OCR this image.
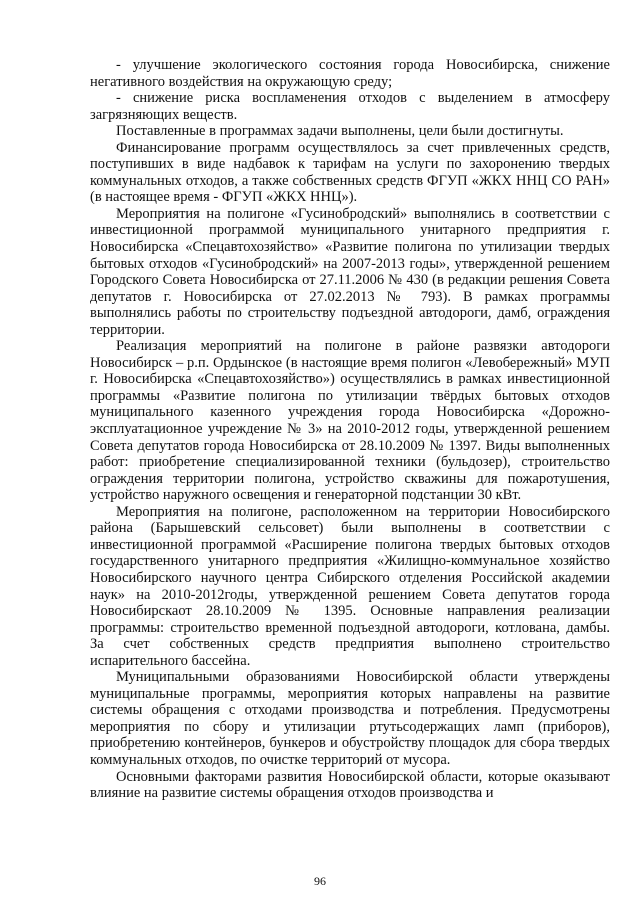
- улучшение экологического состояния города Новосибирска, снижение негативного воздействия на окружающую среду;

- снижение риска воспламенения отходов с выделением в атмосферу загрязняющих веществ.

Поставленные в программах задачи выполнены, цели были достигнуты.

Финансирование программ осуществлялось за счет привлеченных средств, поступивших в виде надбавок к тарифам на услуги по захоронению твердых коммунальных отходов, а также собственных средств ФГУП «ЖКХ ННЦ СО РАН» (в настоящее время - ФГУП «ЖКХ ННЦ»).

Мероприятия на полигоне «Гусинобродский» выполнялись в соответствии с инвестиционной программой муниципального унитарного предприятия г. Новосибирска «Спецавтохозяйство» «Развитие полигона по утилизации твердых бытовых отходов «Гусинобродский» на 2007-2013 годы», утвержденной решением Городского Совета Новосибирска от 27.11.2006 № 430 (в редакции решения Совета депутатов г. Новосибирска от 27.02.2013 № 793). В рамках программы выполнялись работы по строительству подъездной автодороги, дамб, ограждения территории.

Реализация мероприятий на полигоне в районе развязки автодороги Новосибирск – р.п. Ордынское (в настоящие время полигон «Левобережный» МУП г. Новосибирска «Спецавтохозяйство») осуществлялись в рамках инвестиционной программы «Развитие полигона по утилизации твёрдых бытовых отходов муниципального казенного учреждения города Новосибирска «Дорожно-эксплуатационное учреждение № 3» на 2010-2012 годы, утвержденной решением Совета депутатов города Новосибирска от 28.10.2009 № 1397. Виды выполненных работ: приобретение специализированной техники (бульдозер), строительство ограждения территории полигона, устройство скважины для пожаротушения, устройство наружного освещения и генераторной подстанции 30 кВт.

Мероприятия на полигоне, расположенном на территории Новосибирского района (Барышевский сельсовет) были выполнены в соответствии с инвестиционной программой «Расширение полигона твердых бытовых отходов государственного унитарного предприятия «Жилищно-коммунальное хозяйство Новосибирского научного центра Сибирского отделения Российской академии наук» на 2010-2012годы, утвержденной решением Совета депутатов города Новосибирскаот 28.10.2009 № 1395. Основные направления реализации программы: строительство временной подъездной автодороги, котлована, дамбы. За счет собственных средств предприятия выполнено строительство испарительного бассейна.

Муниципальными образованиями Новосибирской области утверждены муниципальные программы, мероприятия которых направлены на развитие системы обращения с отходами производства и потребления. Предусмотрены мероприятия по сбору и утилизации ртутьсодержащих ламп (приборов), приобретению контейнеров, бункеров и обустройству площадок для сбора твердых коммунальных отходов, по очистке территорий от мусора.

Основными факторами развития Новосибирской области, которые оказывают влияние на развитие системы обращения отходов производства и

96
